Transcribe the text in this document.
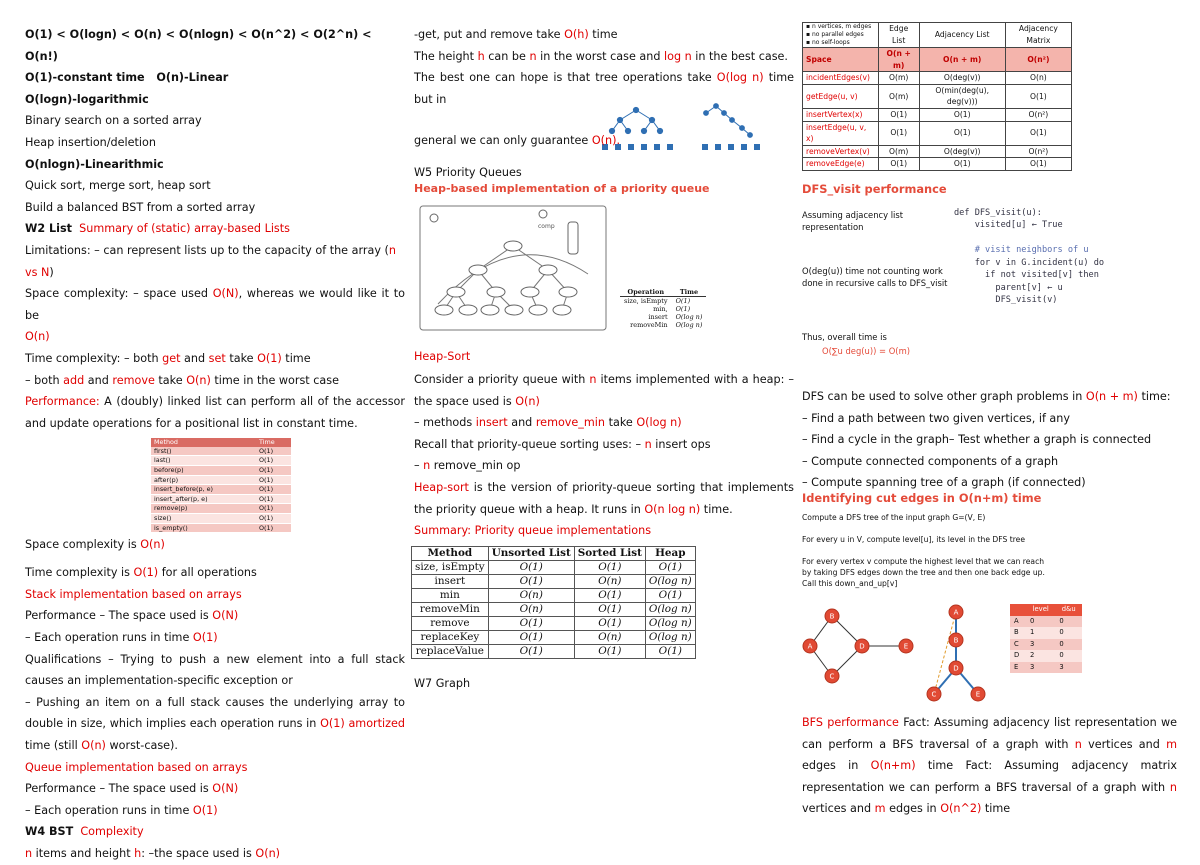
O(1) < O(logn) < O(n) < O(nlogn) < O(n^2) < O(2^n) < O(n!)

O(1)-constant time O(n)-Linear

O(logn)-logarithmic

Binary search on a sorted array

Heap insertion/deletion

O(nlogn)-Linearithmic

Quick sort, merge sort, heap sort

Build a balanced BST from a sorted array

W2 List Summary of (static) array-based Lists

Limitations: – can represent lists up to the capacity of the array (n vs N)

Space complexity: – space used O(N), whereas we would like it to be
O(n)

Time complexity: – both get and set take O(1) time

– both add and remove take O(n) time in the worst case

Performance: A (doubly) linked list can perform all of the accessor and update operations for a positional list in constant time.

Method	Time
first()	O(1)
last()	O(1)
before(p)	O(1)
after(p)	O(1)
insert_before(p, e)	O(1)
insert_after(p, e)	O(1)
remove(p)	O(1)
size()	O(1)
is_empty()	O(1)

Space complexity is O(n)

Time complexity is O(1) for all operations

Stack implementation based on arrays

Performance – The space used is O(N)

– Each operation runs in time O(1)

Qualifications – Trying to push a new element into a full stack causes an implementation-specific exception or

– Pushing an item on a full stack causes the underlying array to double in size, which implies each operation runs in O(1) amortized time (still O(n) worst-case).

Queue implementation based on arrays

Performance – The space used is O(N)

– Each operation runs in time O(1)

W4 BST Complexity

n items and height h: –the space used is O(n)

-get, put and remove take O(h) time

The height h can be n in the worst case and log n in the best case.

The best one can hope is that tree operations take O(log n) time but in

general we can only guarantee O(n).

W5 Priority Queues

Heap-based implementation of a priority queue

comp
Operation	Time
size, isEmpty	O(1)
min,	O(1)
insert	O(log n)
removeMin	O(log n)

Heap-Sort

Consider a priority queue with n items implemented with a heap: – the space used is O(n)

– methods insert and remove_min take O(log n)

Recall that priority-queue sorting uses: – n insert ops

– n remove_min op

Heap-sort is the version of priority-queue sorting that implements the priority queue with a heap. It runs in O(n log n) time.

Summary: Priority queue implementations

Method	Unsorted List	Sorted List	Heap
size, isEmpty	O(1)	O(1)	O(1)
insert	O(1)	O(n)	O(log n)
min	O(n)	O(1)	O(1)
removeMin	O(n)	O(1)	O(log n)
remove	O(1)	O(1)	O(log n)
replaceKey	O(1)	O(n)	O(log n)
replaceValue	O(1)	O(1)	O(1)

W7 Graph

▪ n vertices, m edges
▪ no parallel edges
▪ no self-loops	Edge List	Adjacency List	Adjacency Matrix
Space	O(n + m)	O(n + m)	O(n²)
incidentEdges(v)	O(m)	O(deg(v))	O(n)
getEdge(u, v)	O(m)	O(min(deg(u), deg(v)))	O(1)
insertVertex(x)	O(1)	O(1)	O(n²)
insertEdge(u, v, x)	O(1)	O(1)	O(1)
removeVertex(v)	O(m)	O(deg(v))	O(n²)
removeEdge(e)	O(1)	O(1)	O(1)

DFS_visit performance

Assuming adjacency list representation

O(deg(u)) time not counting work done in recursive calls to DFS_visit

Thus, overall time is

O(∑u deg(u)) = O(m)

def DFS_visit(u):
visited[u] ← True

# visit neighbors of u
for v in G.incident(u) do
if not visited[v] then
parent[v] ← u
DFS_visit(v)

DFS can be used to solve other graph problems in O(n + m) time:

– Find a path between two given vertices, if any

– Find a cycle in the graph– Test whether a graph is connected

– Compute connected components of a graph

– Compute spanning tree of a graph (if connected)

Identifying cut edges in O(n+m) time

Compute a DFS tree of the input graph G=(V, E)

For every u in V, compute level[u], its level in the DFS tree

For every vertex v compute the highest level that we can reach by taking DFS edges down the tree and then one back edge up. Call this down_and_up[v]

B
A	D	E
C
A
B
D
C	E
	level	d&u
A	0	0
B	1	0
C	3	0
D	2	0
E	3	3

BFS performance Fact: Assuming adjacency list representation we can perform a BFS traversal of a graph with n vertices and m edges in O(n+m) time Fact: Assuming adjacency matrix representation we can perform a BFS traversal of a graph with n vertices and m edges in O(n^2) time
